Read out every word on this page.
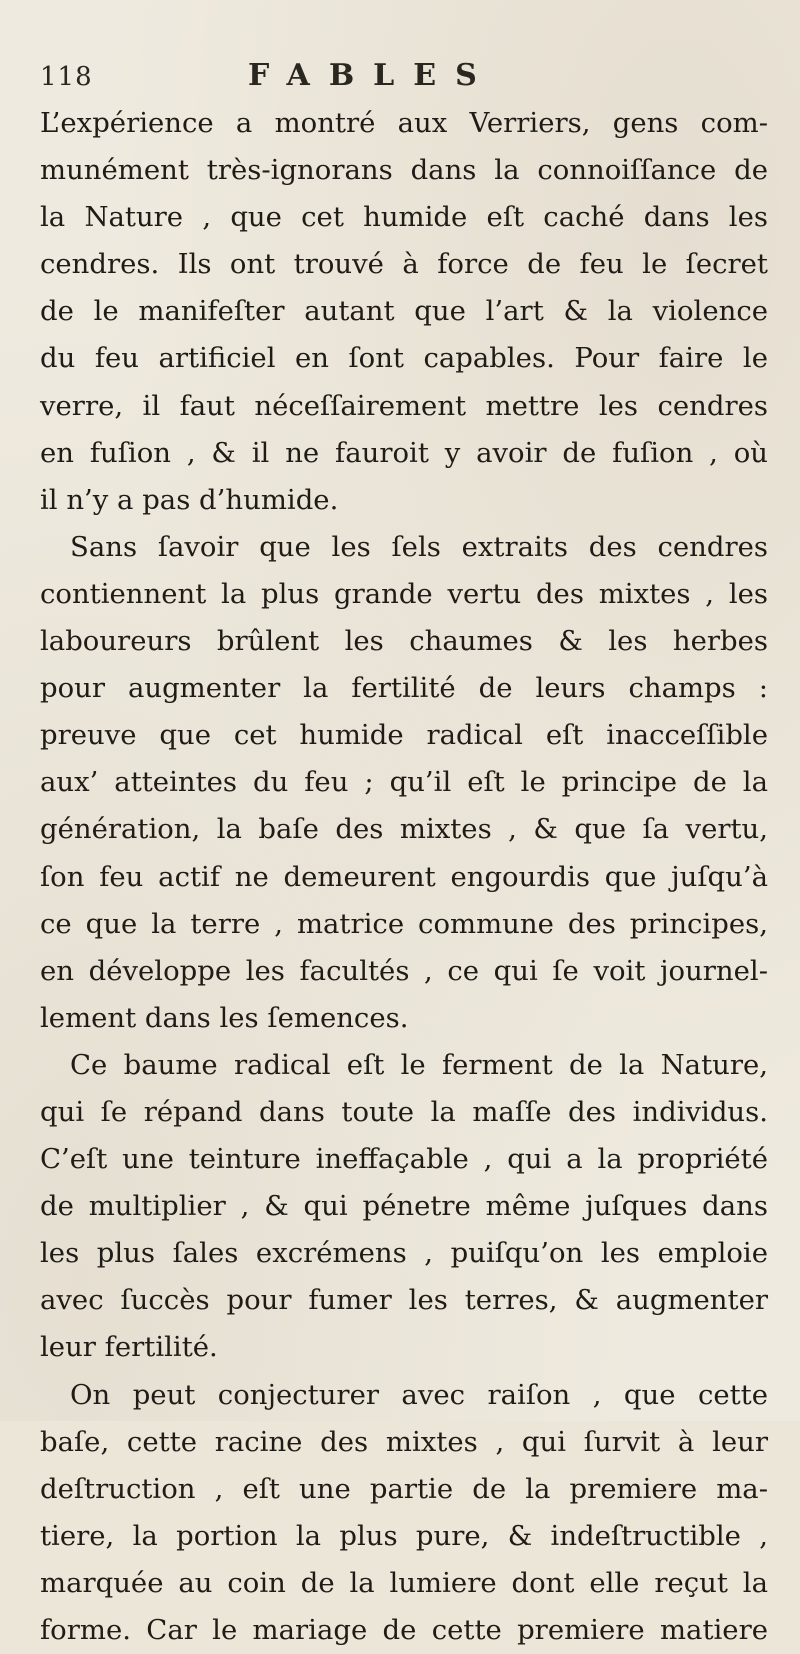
118	FABLES

L’expérience a montré aux Verriers, gens com-
munément très-ignorans dans la connoiſſance de
la Nature , que cet humide eſt caché dans les
cendres. Ils ont trouvé à force de feu le ſecret
de le manifeſter autant que l’art & la violence
du feu artificiel en ſont capables. Pour faire le
verre, il faut néceſſairement mettre les cendres
en fuſion , & il ne fauroit y avoir de fuſion , où
il n’y a pas d’humide.

Sans ſavoir que les ſels extraits des cendres
contiennent la plus grande vertu des mixtes , les
laboureurs brûlent les chaumes & les herbes
pour augmenter la fertilité de leurs champs :
preuve que cet humide radical eſt inacceſſible
aux’ atteintes du feu ; qu’il eſt le principe de la
génération, la baſe des mixtes , & que ſa vertu,
ſon feu actif ne demeurent engourdis que juſqu’à
ce que la terre , matrice commune des principes,
en développe les facultés , ce qui ſe voit journel-
lement dans les ſemences.

Ce baume radical eſt le ferment de la Nature,
qui ſe répand dans toute la maſſe des individus.
C’eſt une teinture ineffaçable , qui a la propriété
de multiplier , & qui pénetre même juſques dans
les plus ſales excrémens , puiſqu’on les emploie
avec ſuccès pour fumer les terres, & augmenter
leur fertilité.

On peut conjecturer avec raiſon , que cette
baſe, cette racine des mixtes , qui ſurvit à leur
deſtruction , eſt une partie de la premiere ma-
tiere, la portion la plus pure, & indeſtructible ,
marquée au coin de la lumiere dont elle reçut la
forme. Car le mariage de cette premiere matiere
